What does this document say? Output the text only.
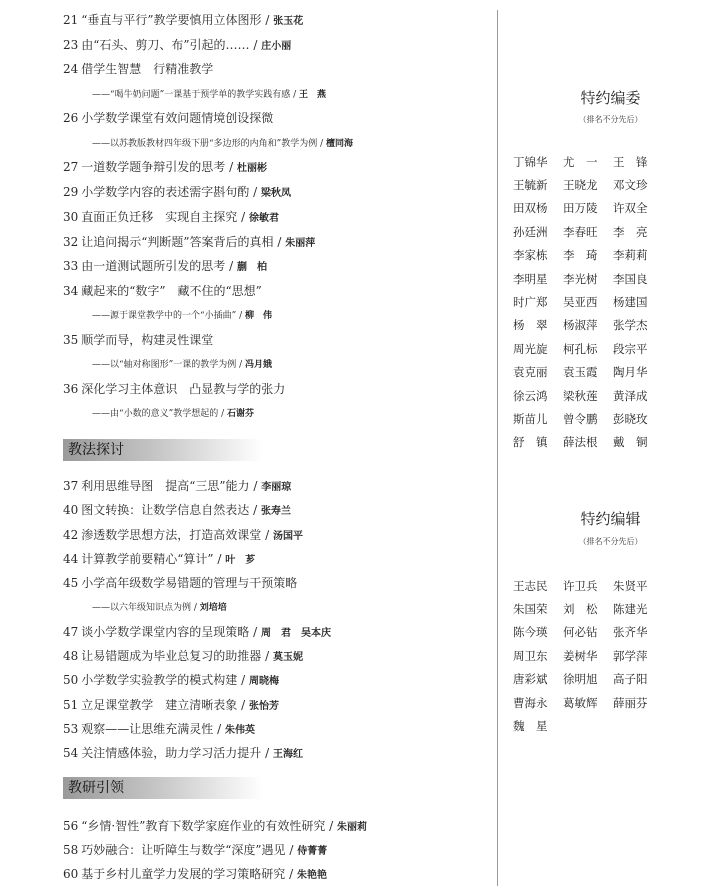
21 “垂直与平行”教学要慎用立体图形 / 张玉花
23 由“石头、剪刀、布”引起的…… / 庄小丽
24 借学生智慧　行精准教学
——“喝牛奶问题”一课基于预学单的教学实践有感 / 王　燕
26 小学数学课堂有效问题情境创设探微
——以苏教版教材四年级下册“多边形的内角和”教学为例 / 檀同海
27 一道数学题争辩引发的思考 / 杜丽彬
29 小学数学内容的表述需字斟句酌 / 梁秋凤
30 直面正负迁移　实现自主探究 / 徐敏君
32 让追问揭示“判断题”答案背后的真相 / 朱丽萍
33 由一道测试题所引发的思考 / 蒯　柏
34 藏起来的“数字”　藏不住的“思想”
——源于课堂教学中的一个“小插曲” / 柳　伟
35 顺学而导，构建灵性课堂
——以“轴对称图形”一课的教学为例 / 冯月娥
36 深化学习主体意识　凸显教与学的张力
——由“小数的意义”教学想起的 / 石谢芬
教法探讨
37 利用思维导图　提高“三思”能力 / 李丽琼
40 图文转换：让数学信息自然表达 / 张寿兰
42 渗透数学思想方法，打造高效课堂 / 汤国平
44 计算教学前要精心“算计” / 叶　芗
45 小学高年级数学易错题的管理与干预策略
——以六年级知识点为例 / 刘培培
47 谈小学数学课堂内容的呈现策略 / 周　君　吴本庆
48 让易错题成为毕业总复习的助推器 / 莫玉妮
50 小学数学实验教学的模式构建 / 周晓梅
51 立足课堂教学　建立清晰表象 / 张怡芳
53 观察——让思维充满灵性 / 朱伟英
54 关注情感体验，助力学习活力提升 / 王海红
教研引领
56 “乡情·智性”教育下数学家庭作业的有效性研究 / 朱丽莉
58 巧妙融合：让听障生与数学“深度”遇见 / 侍菁菁
60 基于乡村儿童学力发展的学习策略研究 / 朱艳艳
特约编委
（排名不分先后）
丁锦华	尤　一	王　锋
王毓新	王晓龙	邓文珍
田双杨	田万陵	许双全
孙廷洲	李春旺	李　亮
李家栋	李　琦	李莉莉
李明星	李光树	李国良
时广郑	吴亚西	杨建国
杨　翠	杨淑萍	张学杰
周光旋	柯孔标	段宗平
袁克丽	袁玉霞	陶月华
徐云鸿	梁秋莲	黄泽成
斯苗儿	曾令鹏	彭晓玫
舒　镇	薛法根	戴　铜
特约编辑
（排名不分先后）
王志民	许卫兵	朱贤平
朱国荣	刘　松	陈建光
陈今瑛	何必钻	张齐华
周卫东	姜树华	郭学萍
唐彩斌	徐明旭	高子阳
曹海永	葛敏辉	薛丽芬
魏　星
